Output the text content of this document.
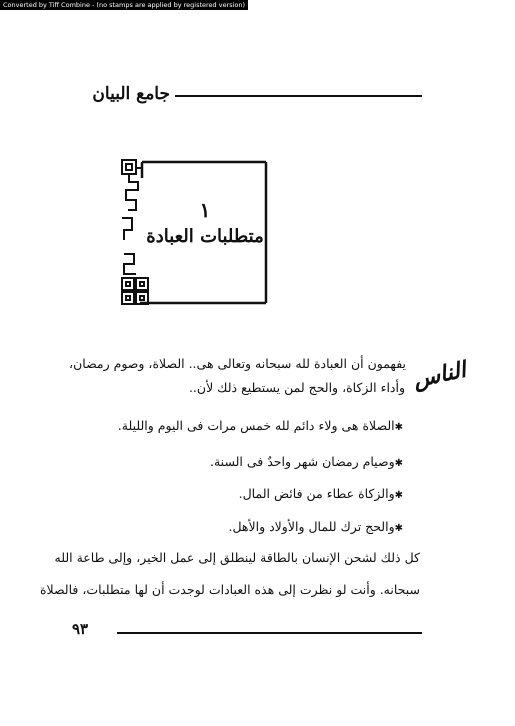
Converted by Tiff Combine - (no stamps are applied by registered version)
جامع البيان
١
متطلبات العبادة
الناس
يفهمون أن العبادة لله سبحانه وتعالى هى.. الصلاة، وصوم رمضان،
وأداء الزكاة، والحج لمن يستطيع ذلك لأن..
✱ الصلاة هى ولاء دائم لله خمس مرات فى اليوم والليلة.
✱ وصيام رمضان شهر واحدٌ فى السنة.
✱ والزكاة عطاء من فائض المال.
✱ والحج ترك للمال والأولاد والأهل.
كل ذلك لشحن الإنسان بالطاقة لينطلق إلى عمل الخير، وإلى طاعة الله
سبحانه. وأنت لو نظرت إلى هذه العبادات لوجدت أن لها متطلبات، فالصلاة
٩٣
